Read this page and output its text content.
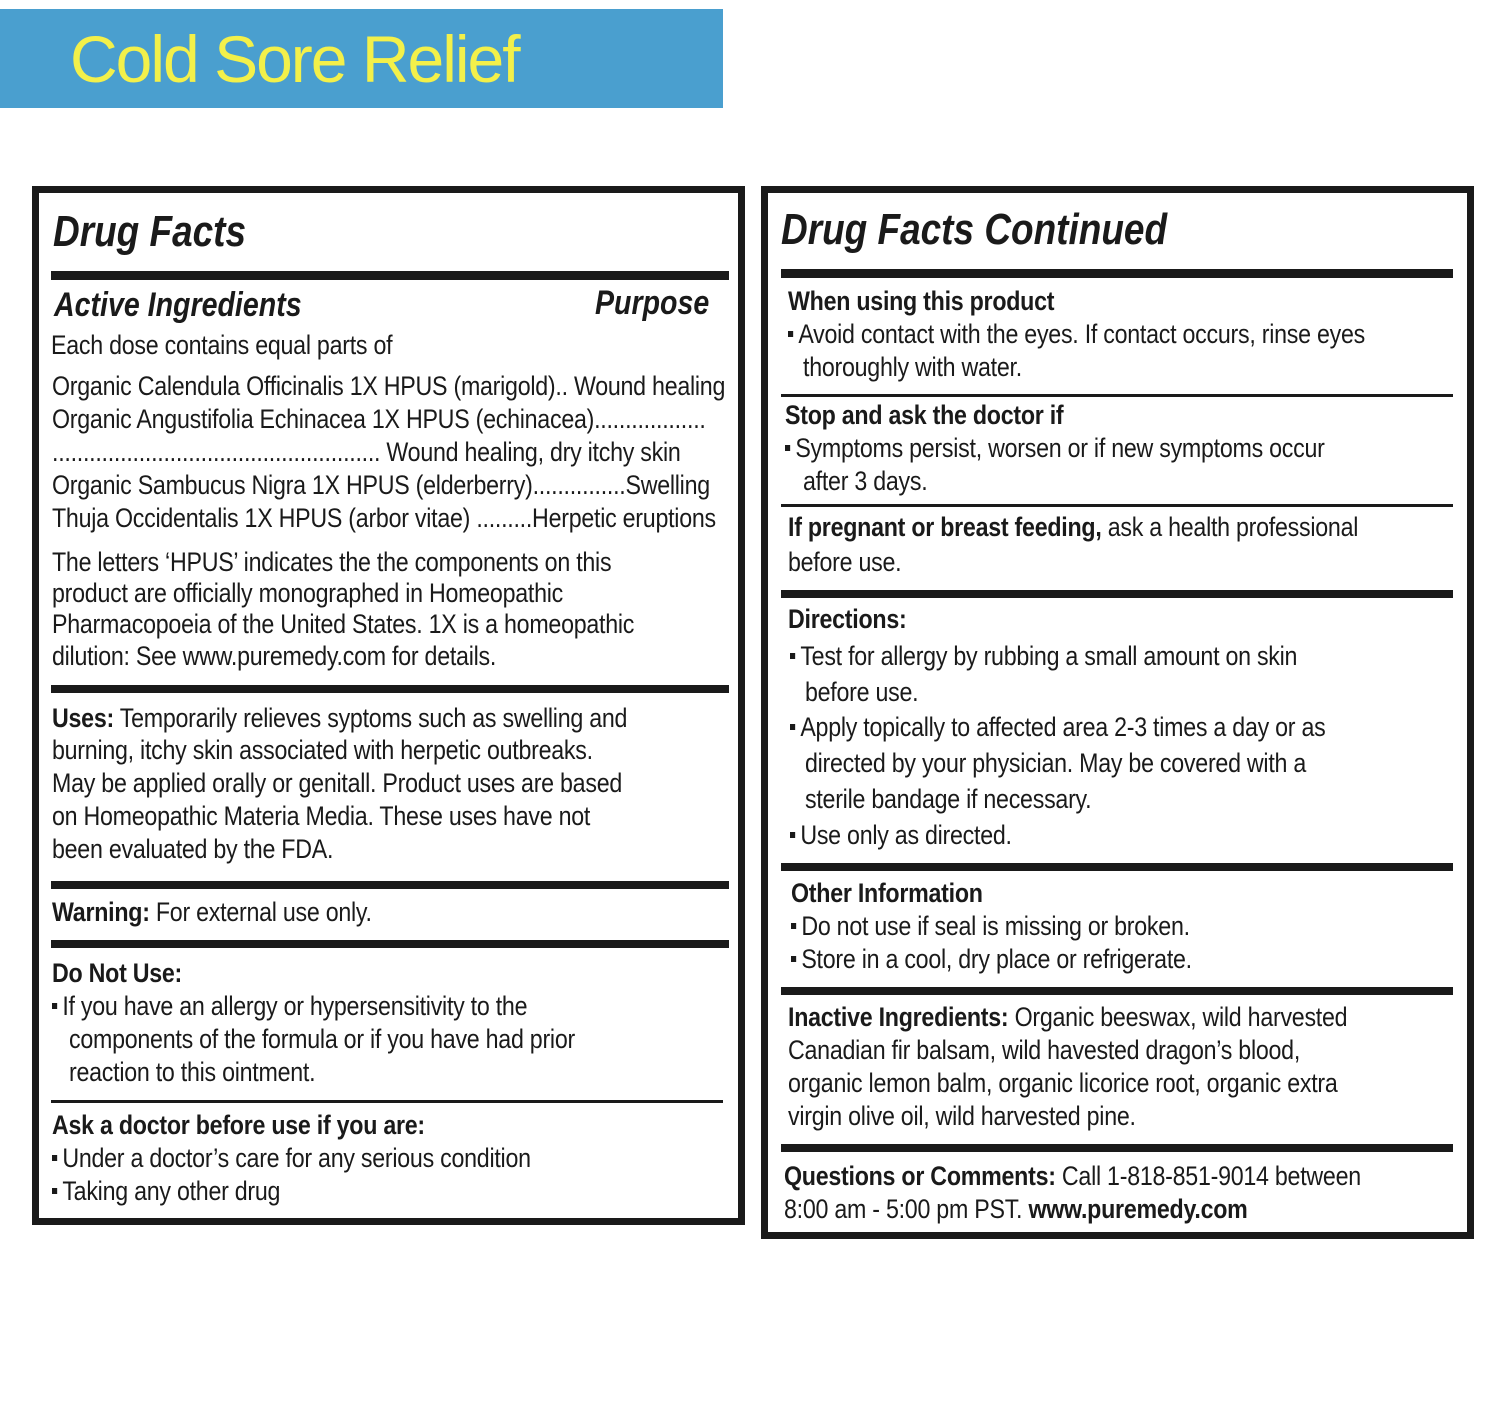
Cold Sore Relief
Drug Facts
Active Ingredients	Purpose
Each dose contains equal parts of
Organic Calendula Officinalis 1X HPUS (marigold).. Wound healing
Organic Angustifolia Echinacea 1X HPUS (echinacea)..................
..................................................... Wound healing, dry itchy skin
Organic Sambucus Nigra 1X HPUS (elderberry)...............Swelling
Thuja Occidentalis 1X HPUS (arbor vitae) .........Herpetic eruptions
The letters ‘HPUS’ indicates the the components on this
product are officially monographed in Homeopathic
Pharmacopoeia of the United States. 1X is a homeopathic
dilution: See www.puremedy.com for details.
Uses: Temporarily relieves syptoms such as swelling and
burning, itchy skin associated with herpetic outbreaks.
May be applied orally or genitall. Product uses are based
on Homeopathic Materia Media. These uses have not
been evaluated by the FDA.
Warning: For external use only.
Do Not Use:
If you have an allergy or hypersensitivity to the
components of the formula or if you have had prior
reaction to this ointment.
Ask a doctor before use if you are:
Under a doctor’s care for any serious condition
Taking any other drug
Drug Facts Continued
When using this product
Avoid contact with the eyes. If contact occurs, rinse eyes
thoroughly with water.
Stop and ask the doctor if
Symptoms persist, worsen or if new symptoms occur
after 3 days.
If pregnant or breast feeding, ask a health professional
before use.
Directions:
Test for allergy by rubbing a small amount on skin
before use.
Apply topically to affected area 2-3 times a day or as
directed by your physician. May be covered with a
sterile bandage if necessary.
Use only as directed.
Other Information
Do not use if seal is missing or broken.
Store in a cool, dry place or refrigerate.
Inactive Ingredients: Organic beeswax, wild harvested
Canadian fir balsam, wild havested dragon’s blood,
organic lemon balm, organic licorice root, organic extra
virgin olive oil, wild harvested pine.
Questions or Comments: Call 1-818-851-9014 between
8:00 am - 5:00 pm PST. www.puremedy.com
